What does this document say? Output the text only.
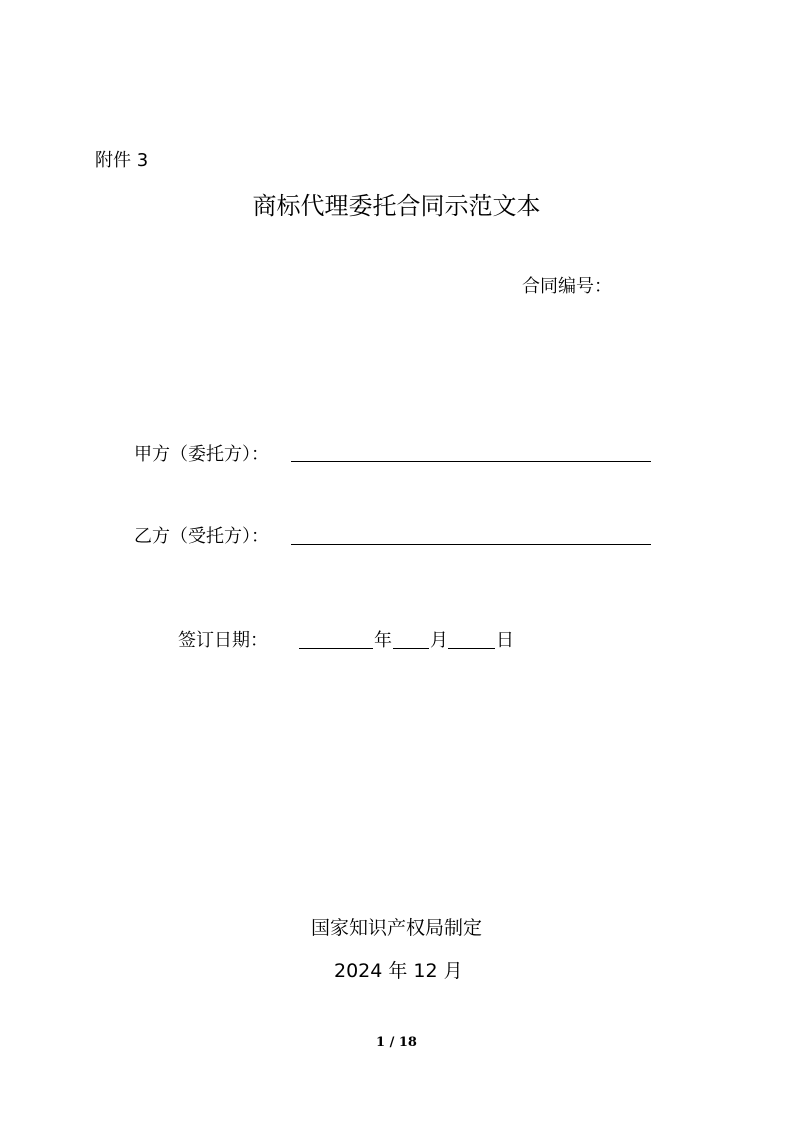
附件 3
商标代理委托合同示范文本
合同编号：
甲方（委托方）：
乙方（受托方）：
签订日期：	年 月	日
国家知识产权局制定
2024 年 12 月
1 / 18
